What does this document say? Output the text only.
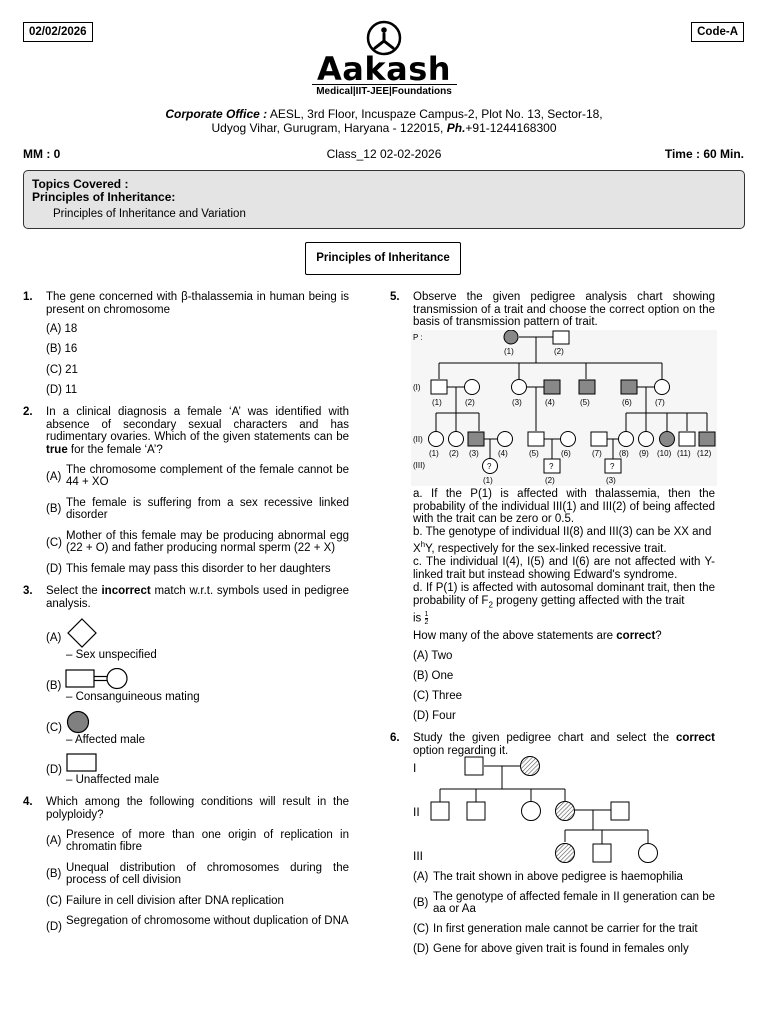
02/02/2026	Code-A
Aakash
Medical|IIT-JEE|Foundations
Corporate Office : AESL, 3rd Floor, Incuspaze Campus-2, Plot No. 13, Sector-18,
Udyog Vihar, Gurugram, Haryana - 122015, Ph.+91-1244168300
MM : 0	Class_12 02-02-2026	Time : 60 Min.
Topics Covered :
Principles of Inheritance:
Principles of Inheritance and Variation
Principles of Inheritance
1. The gene concerned with β-thalassemia in human being is present on chromosome
(A) 18
(B) 16
(C) 21
(D) 11
2. In a clinical diagnosis a female ‘A’ was identified with absence of secondary sexual characters and has rudimentary ovaries. Which of the given statements can be true for the female ‘A’?
(A)
The chromosome complement of the female cannot be 44 + XO
(B) The female is suffering from a sex recessive linked disorder
(C)
Mother of this female may be producing abnormal egg (22 + O) and father producing normal sperm (22 + X)
(D) This female may pass this disorder to her daughters
3. Select the incorrect match w.r.t. symbols used in pedigree analysis.
(A)
– Sex unspecified
(B)
– Consanguineous mating
(C)
– Affected male
(D)
– Unaffected male
4. Which among the following conditions will result in the polyploidy?
(A) Presence of more than one origin of replication in chromatin fibre
(B) Unequal distribution of chromosomes during the process of cell division
(C) Failure in cell division after DNA replication
(D) Segregation of chromosome without duplication of DNA
5. Observe the given pedigree analysis chart showing transmission of a trait and choose the correct option on the basis of transmission pattern of trait.
P :
(1)	(2)
(I)
(1)	(2)	(3)	(4)	(5)	(6)	(7)
(II)
(1) (2) (3) (4)	(5)	(6)	(7) (8) (9) (10) (11) (12)
(III)	?	?	?
(1)	(2)	(3)
a. If the P(1) is affected with thalassemia, then the probability of the individual III(1) and III(2) of being affected with the trait can be zero or 0.5.
b. The genotype of individual II(8) and III(3) can be XX and
$X^hY$, respectively for the sex-linked recessive trait.
c. The individual I(4), I(5) and I(6) are not affected with Y-linked trait but instead showing Edward's syndrome.
d. If P(1) is affected with autosomal dominant trait, then the probability of $F_2$ progeny getting affected with the trait
is $\frac{1}{2}$
How many of the above statements are correct?
(A) Two
(B) One
(C) Three
(D) Four
6. Study the given pedigree chart and select the correct option regarding it.
I
II
III
(A) The trait shown in above pedigree is haemophilia
(B) The genotype of affected female in II generation can be aa or Aa
(C) In first generation male cannot be carrier for the trait
(D) Gene for above given trait is found in females only
